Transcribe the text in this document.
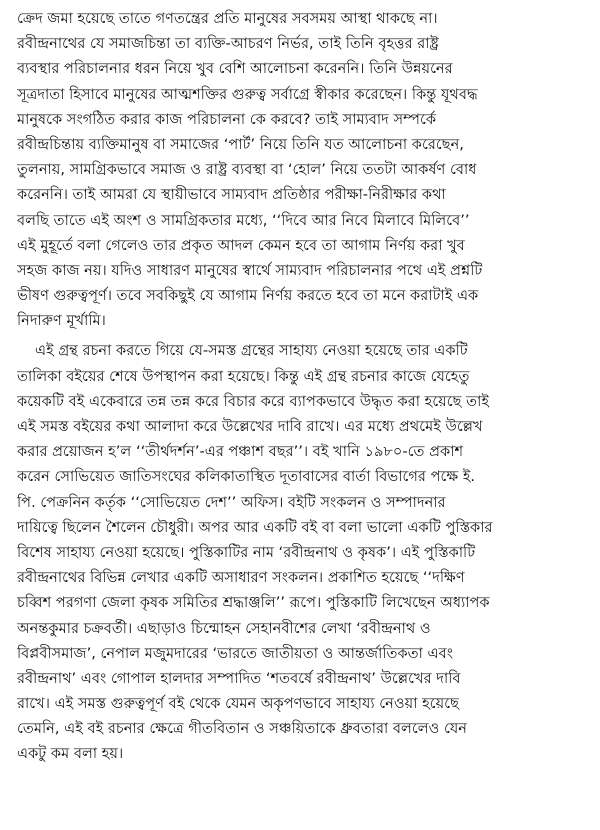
ক্রেদ জমা হয়েছে তাতে গণতন্ত্রের প্রতি মানুষের সবসময় আস্থা থাকছে না।
রবীন্দ্রনাথের যে সমাজচিন্তা তা ব্যক্তি-আচরণ নির্ভর, তাই তিনি বৃহত্তর রাষ্ট্র
ব্যবস্থার পরিচালনার ধরন নিয়ে খুব বেশি আলোচনা করেননি। তিনি উন্নয়নের
সূত্রদাতা হিসাবে মানুষের আত্মশক্তির গুরুত্ব সর্বাগ্রে স্বীকার করেছেন। কিন্তু যূথবদ্ধ
মানুষকে সংগঠিত করার কাজ পরিচালনা কে করবে? তাই সাম্যবাদ সম্পর্কে
রবীন্দ্রচিন্তায় ব্যক্তিমানুষ বা সমাজের ‘পার্ট’ নিয়ে তিনি যত আলোচনা করেছেন,
তুলনায়, সামগ্রিকভাবে সমাজ ও রাষ্ট্র ব্যবস্থা বা ‘হোল’ নিয়ে ততটা আকর্ষণ বোধ
করেননি। তাই আমরা যে স্থায়ীভাবে সাম্যবাদ প্রতিষ্ঠার পরীক্ষা-নিরীক্ষার কথা
বলছি তাতে এই অংশ ও সামগ্রিকতার মধ্যে, ‘‘দিবে আর নিবে মিলাবে মিলিবে’’
এই মুহূর্তে বলা গেলেও তার প্রকৃত আদল কেমন হবে তা আগাম নির্ণয় করা খুব
সহজ কাজ নয়। যদিও সাধারণ মানুষের স্বার্থে সাম্যবাদ পরিচালনার পথে এই প্রশ্নটি
ভীষণ গুরুত্বপূর্ণ। তবে সবকিছুই যে আগাম নির্ণয় করতে হবে তা মনে করাটাই এক
নিদারুণ মূর্খামি।
এই গ্রন্থ রচনা করতে গিয়ে যে-সমস্ত গ্রন্থের সাহায্য নেওয়া হয়েছে তার একটি
তালিকা বইয়ের শেষে উপস্থাপন করা হয়েছে। কিন্তু এই গ্রন্থ রচনার কাজে যেহেতু
কয়েকটি বই একেবারে তন্ন তন্ন করে বিচার করে ব্যাপকভাবে উদ্ধৃত করা হয়েছে তাই
এই সমস্ত বইয়ের কথা আলাদা করে উল্লেখের দাবি রাখে। এর মধ্যে প্রথমেই উল্লেখ
করার প্রয়োজন হ’ল ‘‘তীর্থদর্শন’-এর পঞ্চাশ বছর’’। বই খানি ১৯৮০-তে প্রকাশ
করেন সোভিয়েত জাতিসংঘের কলিকাতাস্থিত দূতাবাসের বার্তা বিভাগের পক্ষে ই.
পি. পেক্রনিন কর্তৃক ‘‘সোভিয়েত দেশ’’ অফিস। বইটি সংকলন ও সম্পাদনার
দায়িত্বে ছিলেন শৈলেন চৌধুরী। অপর আর একটি বই বা বলা ভালো একটি পুস্তিকার
বিশেষ সাহায্য নেওয়া হয়েছে। পুস্তিকাটির নাম ‘রবীন্দ্রনাথ ও কৃষক’। এই পুস্তিকাটি
রবীন্দ্রনাথের বিভিন্ন লেখার একটি অসাধারণ সংকলন। প্রকাশিত হয়েছে ‘‘দক্ষিণ
চব্বিশ পরগণা জেলা কৃষক সমিতির শ্রদ্ধাঞ্জলি’’ রূপে। পুস্তিকাটি লিখেছেন অধ্যাপক
অনন্তকুমার চক্রবর্তী। এছাড়াও চিন্মোহন সেহানবীশের লেখা ‘রবীন্দ্রনাথ ও
বিপ্লবীসমাজ’, নেপাল মজুমদারের ‘ভারতে জাতীয়তা ও আন্তর্জাতিকতা এবং
রবীন্দ্রনাথ’ এবং গোপাল হালদার সম্পাদিত ‘শতবর্ষে রবীন্দ্রনাথ’ উল্লেখের দাবি
রাখে। এই সমস্ত গুরুত্বপূর্ণ বই থেকে যেমন অকৃপণভাবে সাহায্য নেওয়া হয়েছে
তেমনি, এই বই রচনার ক্ষেত্রে গীতবিতান ও সঞ্চয়িতাকে ধ্রুবতারা বললেও যেন
একটু কম বলা হয়।
